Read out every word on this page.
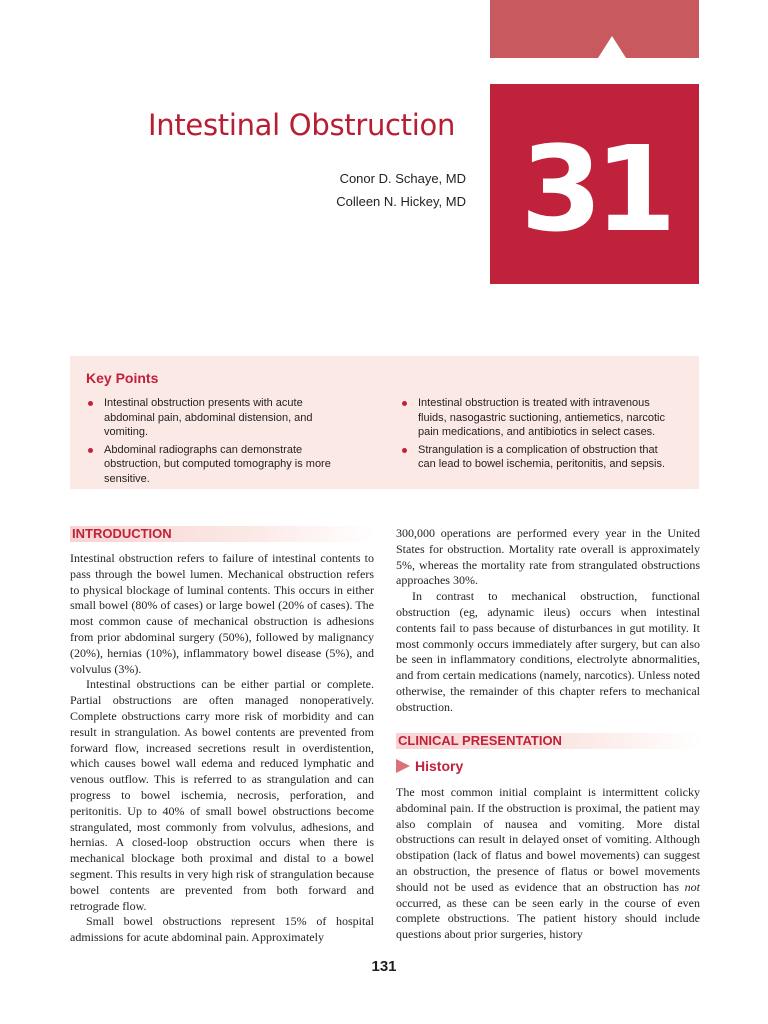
31
Intestinal Obstruction
Conor D. Schaye, MD
Colleen N. Hickey, MD
Key Points
Intestinal obstruction presents with acute abdominal pain, abdominal distension, and vomiting.
Abdominal radiographs can demonstrate obstruction, but computed tomography is more sensitive.
Intestinal obstruction is treated with intravenous fluids, nasogastric suctioning, antiemetics, narcotic pain medications, and antibiotics in select cases.
Strangulation is a complication of obstruction that can lead to bowel ischemia, peritonitis, and sepsis.
INTRODUCTION

Intestinal obstruction refers to failure of intestinal contents to pass through the bowel lumen. Mechanical obstruction refers to physical blockage of luminal contents. This occurs in either small bowel (80% of cases) or large bowel (20% of cases). The most common cause of mechanical obstruction is adhesions from prior abdominal surgery (50%), followed by malignancy (20%), hernias (10%), inflammatory bowel disease (5%), and volvulus (3%).

Intestinal obstructions can be either partial or complete. Partial obstructions are often managed nonoperatively. Complete obstructions carry more risk of morbidity and can result in strangulation. As bowel contents are prevented from forward flow, increased secretions result in overdistention, which causes bowel wall edema and reduced lymphatic and venous outflow. This is referred to as strangulation and can progress to bowel ischemia, necrosis, perforation, and peritonitis. Up to 40% of small bowel obstructions become strangulated, most commonly from volvulus, adhesions, and hernias. A closed-loop obstruction occurs when there is mechanical blockage both proximal and distal to a bowel segment. This results in very high risk of strangulation because bowel contents are prevented from both forward and retrograde flow.

Small bowel obstructions represent 15% of hospital admissions for acute abdominal pain. Approximately

300,000 operations are performed every year in the United States for obstruction. Mortality rate overall is approximately 5%, whereas the mortality rate from strangulated obstructions approaches 30%.

In contrast to mechanical obstruction, functional obstruction (eg, adynamic ileus) occurs when intestinal contents fail to pass because of disturbances in gut motility. It most commonly occurs immediately after surgery, but can also be seen in inflammatory conditions, electrolyte abnormalities, and from certain medications (namely, narcotics). Unless noted otherwise, the remainder of this chapter refers to mechanical obstruction.

CLINICAL PRESENTATION
History

The most common initial complaint is intermittent colicky abdominal pain. If the obstruction is proximal, the patient may also complain of nausea and vomiting. More distal obstructions can result in delayed onset of vomiting. Although obstipation (lack of flatus and bowel movements) can suggest an obstruction, the presence of flatus or bowel movements should not be used as evidence that an obstruction has not occurred, as these can be seen early in the course of even complete obstructions. The patient history should include questions about prior surgeries, history

131
